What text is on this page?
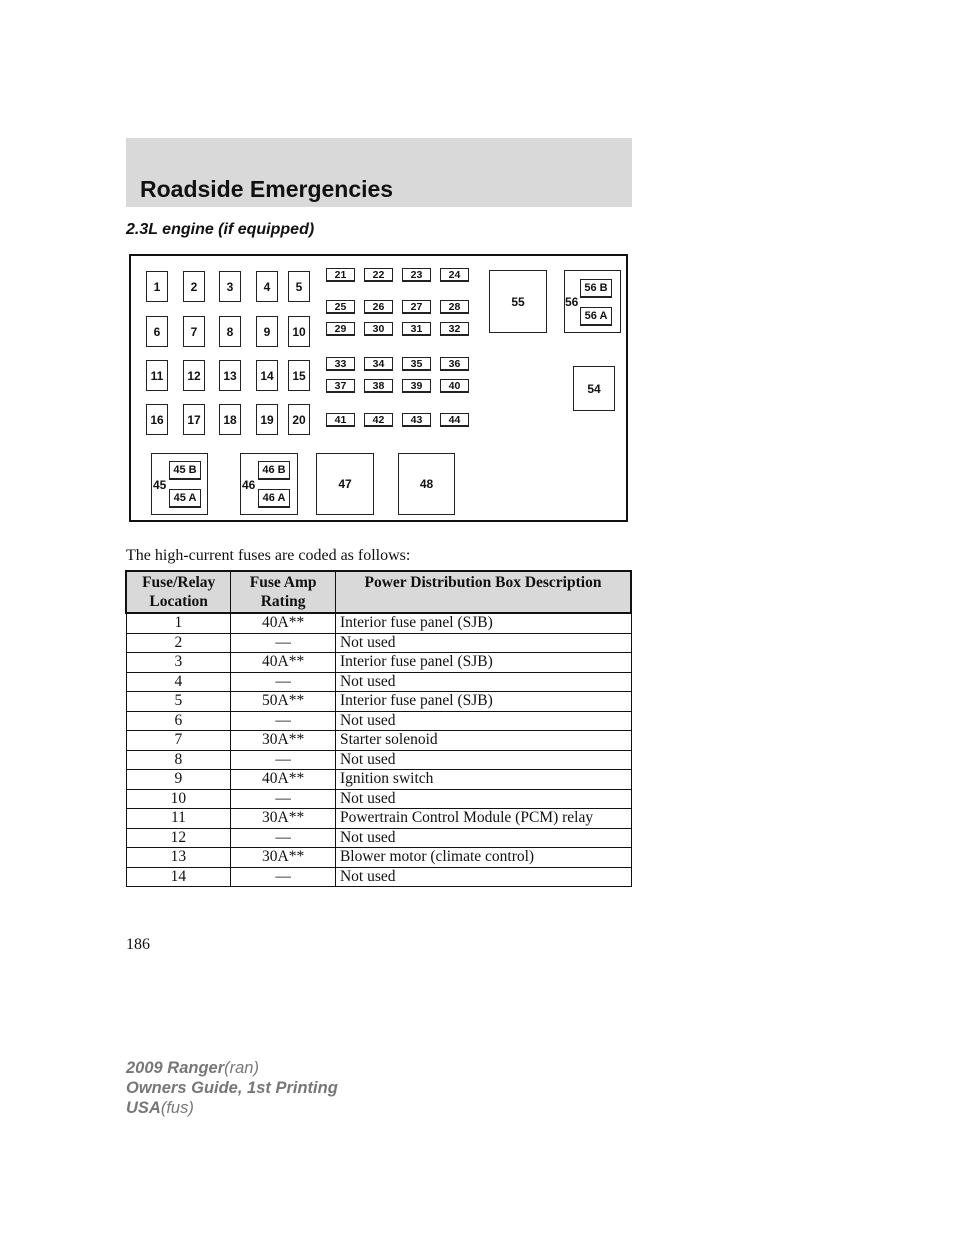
Roadside Emergencies
2.3L engine (if equipped)
1	2	3	4	5
6	7	8	9	10
11	12	13	14	15
16	17	18	19	20
21	22	23	24
25	26	27	28
29	30	31	32
33	34	35	36
37	38	39	40
41	42	43	44
45
45 B
45 A
46
46 B
46 A
47	48
55	56
56 B
56 A
54
The high-current fuses are coded as follows:
Fuse/Relay Location	Fuse Amp Rating	Power Distribution Box Description
1	40A**	Interior fuse panel (SJB)
2	—	Not used
3	40A**	Interior fuse panel (SJB)
4	—	Not used
5	50A**	Interior fuse panel (SJB)
6	—	Not used
7	30A**	Starter solenoid
8	—	Not used
9	40A**	Ignition switch
10	—	Not used
11	30A**	Powertrain Control Module (PCM) relay
12	—	Not used
13	30A**	Blower motor (climate control)
14	—	Not used
186
2009 Ranger(ran)
Owners Guide, 1st Printing
USA(fus)
